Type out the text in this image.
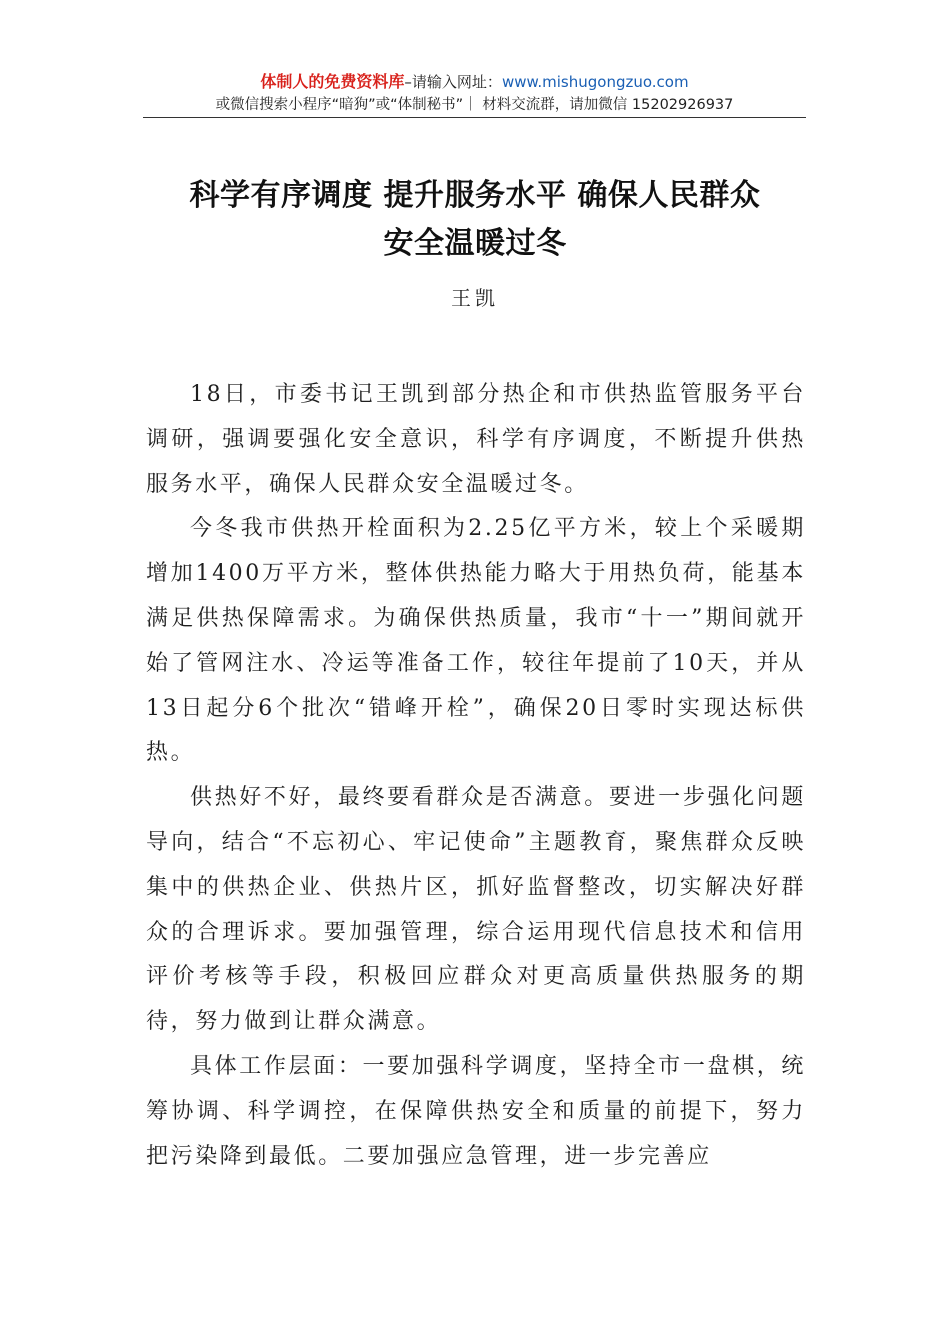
体制人的免费资料库–请输入网址：www.mishugongzuo.com
或微信搜索小程序“暗狗”或“体制秘书”｜ 材料交流群，请加微信 15202926937
科学有序调度 提升服务水平 确保人民群众
安全温暖过冬
王凯

18日，市委书记王凯到部分热企和市供热监管服务平台调研，强调要强化安全意识，科学有序调度，不断提升供热服务水平，确保人民群众安全温暖过冬。

今冬我市供热开栓面积为2.25亿平方米，较上个采暖期增加1400万平方米，整体供热能力略大于用热负荷，能基本满足供热保障需求。为确保供热质量，我市“十一”期间就开始了管网注水、冷运等准备工作，较往年提前了10天，并从13日起分6个批次“错峰开栓”，确保20日零时实现达标供热。

供热好不好，最终要看群众是否满意。要进一步强化问题导向，结合“不忘初心、牢记使命”主题教育，聚焦群众反映集中的供热企业、供热片区，抓好监督整改，切实解决好群众的合理诉求。要加强管理，综合运用现代信息技术和信用评价考核等手段，积极回应群众对更高质量供热服务的期待，努力做到让群众满意。

具体工作层面：一要加强科学调度，坚持全市一盘棋，统筹协调、科学调控，在保障供热安全和质量的前提下，努力把污染降到最低。二要加强应急管理，进一步完善应
